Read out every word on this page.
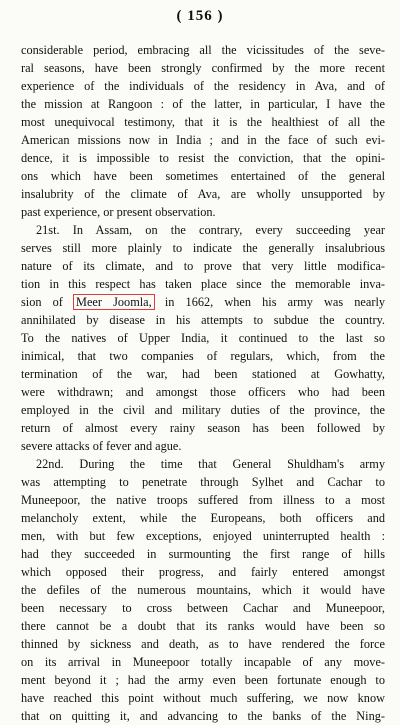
( 156 )
considerable period, embracing all the vicissitudes of the seve-
ral seasons, have been strongly confirmed by the more recent
experience of the individuals of the residency in Ava, and of
the mission at Rangoon : of the latter, in particular, I have the
most unequivocal testimony, that it is the healthiest of all the
American missions now in India ; and in the face of such evi-
dence, it is impossible to resist the conviction, that the opini-
ons which have been sometimes entertained of the general
insalubrity of the climate of Ava, are wholly unsupported by
past experience, or present observation.
21st. In Assam, on the contrary, every succeeding year
serves still more plainly to indicate the generally insalubrious
nature of its climate, and to prove that very little modifica-
tion in this respect has taken place since the memorable inva-
sion of Meer Joomla, in 1662, when his army was nearly
annihilated by disease in his attempts to subdue the country.
To the natives of Upper India, it continued to the last so
inimical, that two companies of regulars, which, from the
termination of the war, had been stationed at Gowhatty,
were withdrawn; and amongst those officers who had been
employed in the civil and military duties of the province, the
return of almost every rainy season has been followed by
severe attacks of fever and ague.
22nd. During the time that General Shuldham's army
was attempting to penetrate through Sylhet and Cachar to
Muneepoor, the native troops suffered from illness to a most
melancholy extent, while the Europeans, both officers and
men, with but few exceptions, enjoyed uninterrupted health :
had they succeeded in surmounting the first range of hills
which opposed their progress, and fairly entered amongst
the defiles of the numerous mountains, which it would have
been necessary to cross between Cachar and Muneepoor,
there cannot be a doubt that its ranks would have been so
thinned by sickness and death, as to have rendered the force
on its arrival in Muneepoor totally incapable of any move-
ment beyond it ; had the army even been fortunate enough to
have reached this point without much suffering, we now know
that on quitting it, and advancing to the banks of the Ning-
